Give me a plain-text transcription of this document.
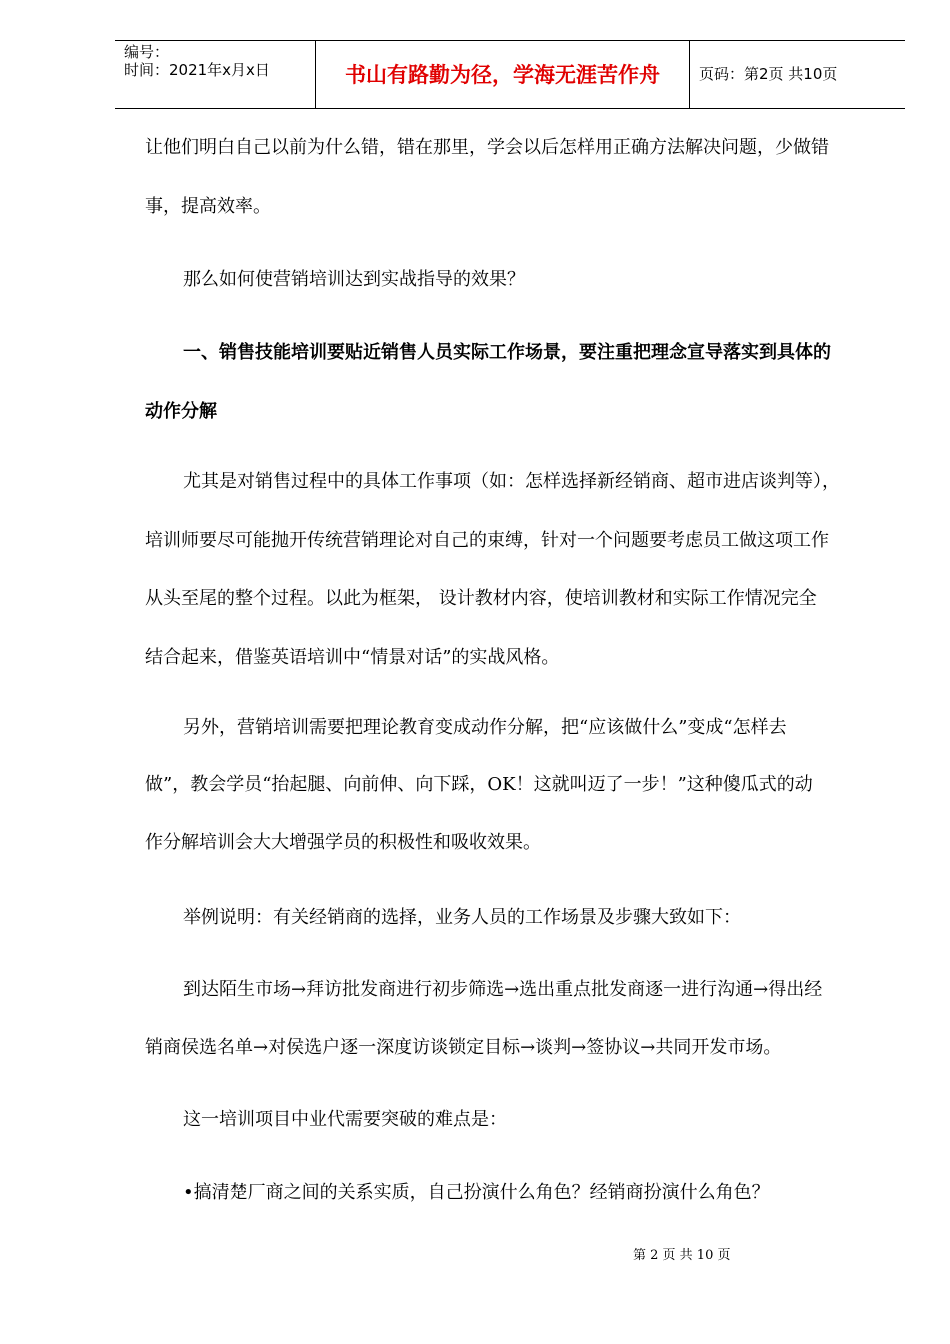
编号：
时间：2021年x月x日	书山有路勤为径，学海无涯苦作舟	页码：第2页 共10页
让他们明白自己以前为什么错，错在那里，学会以后怎样用正确方法解决问题，少做错
事，提高效率。
那么如何使营销培训达到实战指导的效果？
一、销售技能培训要贴近销售人员实际工作场景，要注重把理念宣导落实到具体的
动作分解
尤其是对销售过程中的具体工作事项（如：怎样选择新经销商、超市进店谈判等），
培训师要尽可能抛开传统营销理论对自己的束缚，针对一个问题要考虑员工做这项工作
从头至尾的整个过程。以此为框架， 设计教材内容，使培训教材和实际工作情况完全
结合起来，借鉴英语培训中“情景对话”的实战风格。
另外，营销培训需要把理论教育变成动作分解，把“应该做什么”变成“怎样去
做”，教会学员“抬起腿、向前伸、向下踩，OK！这就叫迈了一步！”这种傻瓜式的动
作分解培训会大大增强学员的积极性和吸收效果。
举例说明：有关经销商的选择，业务人员的工作场景及步骤大致如下：
到达陌生市场→拜访批发商进行初步筛选→选出重点批发商逐一进行沟通→得出经
销商侯选名单→对侯选户逐一深度访谈锁定目标→谈判→签协议→共同开发市场。
这一培训项目中业代需要突破的难点是：
•搞清楚厂商之间的关系实质，自己扮演什么角色？经销商扮演什么角色？
第 2 页 共 10 页
